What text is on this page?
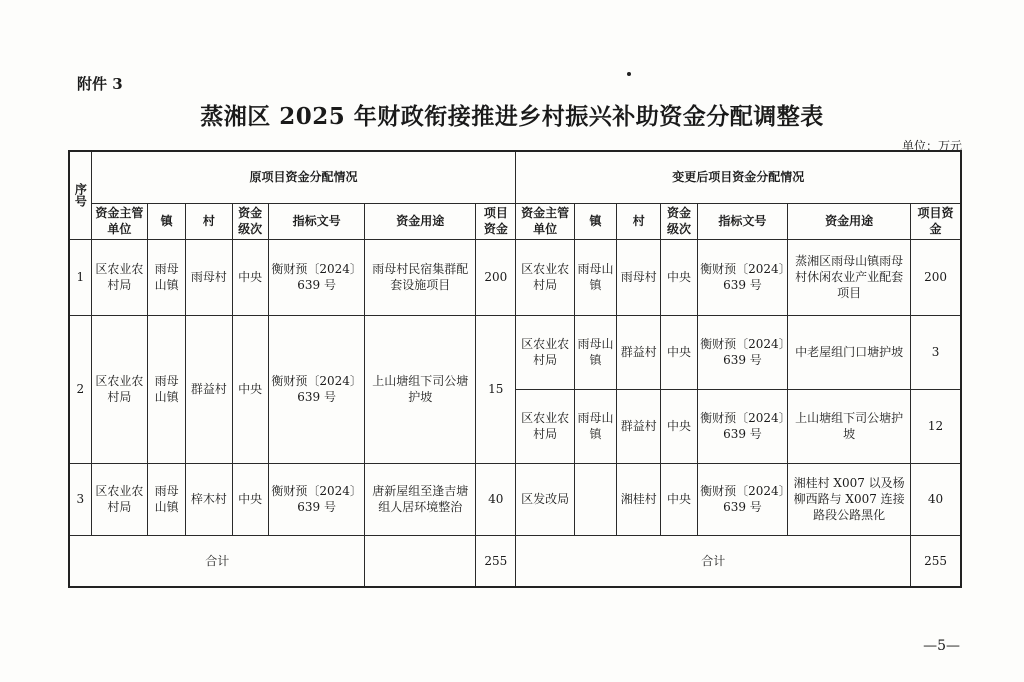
附件 3
蒸湘区 2025 年财政衔接推进乡村振兴补助资金分配调整表
单位：万元
序号	原项目资金分配情况							变更后项目资金分配情况						
	资金主管单位	镇	村	资金级次	指标文号	资金用途	项目资金	资金主管单位	镇	村	资金级次	指标文号	资金用途	项目资金
1	区农业农村局	雨母山镇	雨母村	中央	衡财预〔2024〕639 号	雨母村民宿集群配套设施项目	200	区农业农村局	雨母山镇	雨母村	中央	衡财预〔2024〕639 号	蒸湘区雨母山镇雨母村休闲农业产业配套项目	200
2	区农业农村局	雨母山镇	群益村	中央	衡财预〔2024〕639 号	上山塘组下司公塘护坡	15	区农业农村局	雨母山镇	群益村	中央	衡财预〔2024〕639 号	中老屋组门口塘护坡	3
								区农业农村局	雨母山镇	群益村	中央	衡财预〔2024〕639 号	上山塘组下司公塘护坡	12
3	区农业农村局	雨母山镇	梓木村	中央	衡财预〔2024〕639 号	唐新屋组至逢吉塘组人居环境整治	40	区发改局		湘桂村	中央	衡财预〔2024〕639 号	湘桂村 X007 以及杨柳西路与 X007 连接路段公路黑化	40
合计							255	合计						255
—5—
